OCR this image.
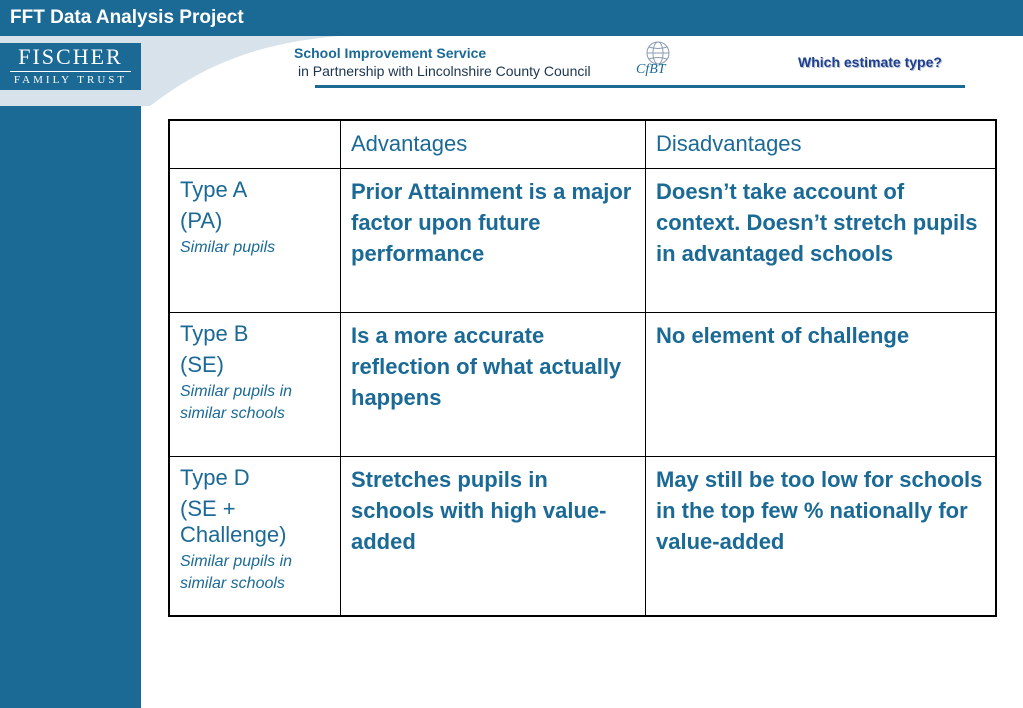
FFT Data Analysis Project
FISCHER
FAMILY TRUST

School Improvement Service

in Partnership with Lincolnshire County Council	CfBT	Which estimate type?
	Advantages	Disadvantages

Type A
(PA)
Similar pupils	Prior Attainment is a major factor upon future performance	Doesn’t take account of context. Doesn’t stretch pupils in advantaged schools

Type B
(SE)
Similar pupils in similar schools	Is a more accurate reflection of what actually happens	No element of challenge

Type D
(SE + Challenge)
Similar pupils in similar schools	Stretches pupils in schools with high value-added	May still be too low for schools in the top few % nationally for value-added
